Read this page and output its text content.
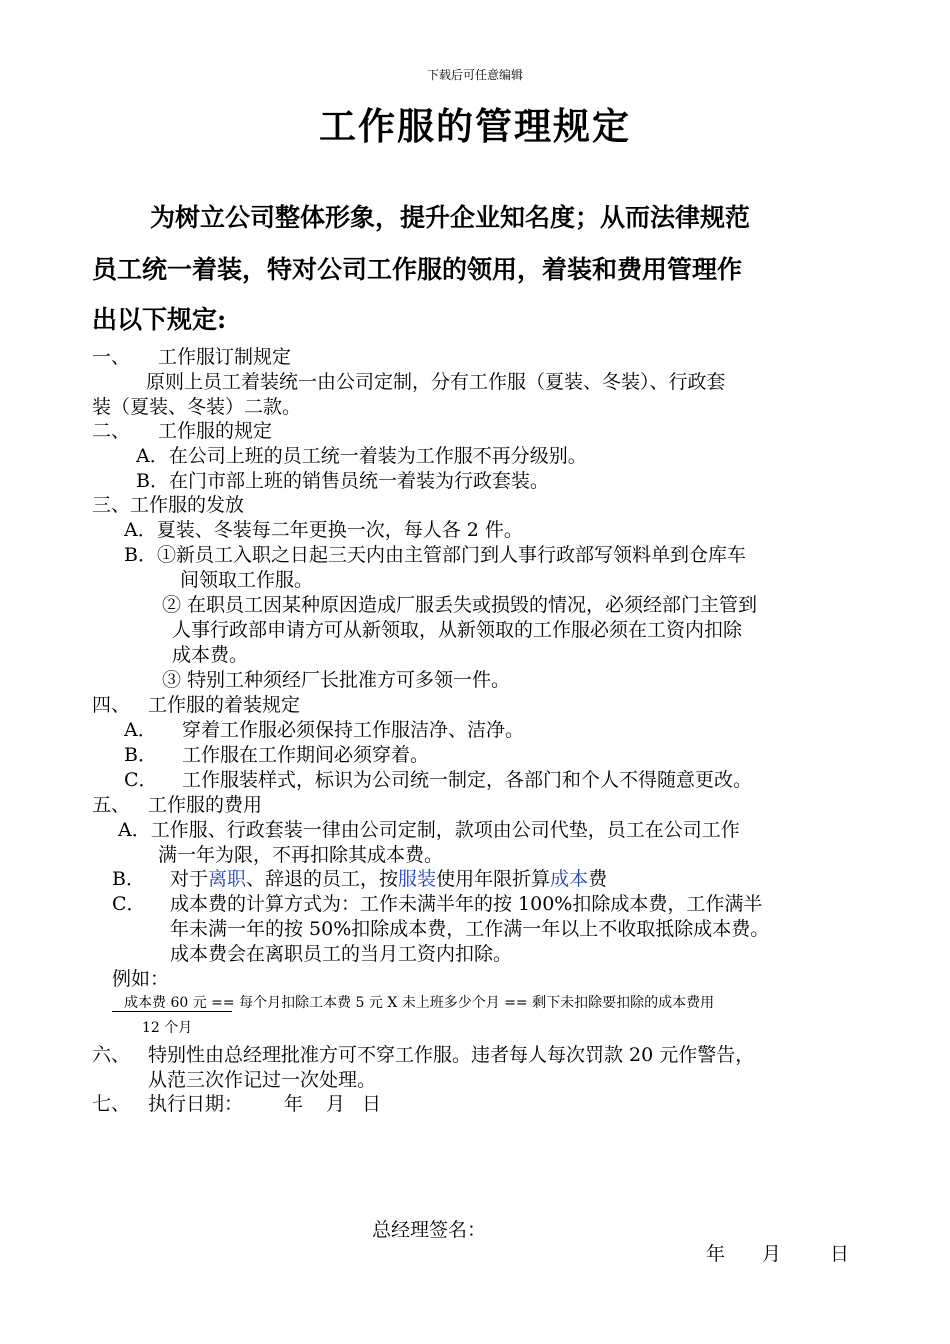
下载后可任意编辑
工作服的管理规定
为树立公司整体形象，提升企业知名度；从而法律规范
员工统一着装，特对公司工作服的领用，着装和费用管理作
出以下规定:
一、 工作服订制规定
原则上员工着装统一由公司定制，分有工作服（夏装、冬装）、行政套
装（夏装、冬装）二款。
二、 工作服的规定
A．在公司上班的员工统一着装为工作服不再分级别。
B．在门市部上班的销售员统一着装为行政套装。
三、工作服的发放
A．夏装、冬装每二年更换一次，每人各 2 件。
B．①新员工入职之日起三天内由主管部门到人事行政部写领料单到仓库车
间领取工作服。
② 在职员工因某种原因造成厂服丢失或损毁的情况，必须经部门主管到
人事行政部申请方可从新领取，从新领取的工作服必须在工资内扣除
成本费。
③ 特别工种须经厂长批准方可多领一件。
四、 工作服的着装规定
A． 穿着工作服必须保持工作服洁净、洁净。
B． 工作服在工作期间必须穿着。
C． 工作服装样式，标识为公司统一制定，各部门和个人不得随意更改。
五、 工作服的费用
A．工作服、行政套装一律由公司定制，款项由公司代垫，员工在公司工作
满一年为限，不再扣除其成本费。
B． 对于离职、辞退的员工，按服装使用年限折算成本费
C． 成本费的计算方式为：工作未满半年的按 100%扣除成本费，工作满半
年未满一年的按 50%扣除成本费，工作满一年以上不收取抵除成本费。
成本费会在离职员工的当月工资内扣除。
例如：
成本费 60 元 == 每个月扣除工本费 5 元 X 未上班多少个月 == 剩下未扣除要扣除的成本费用
12 个月
六、 特别性由总经理批准方可不穿工作服。违者每人每次罚款 20 元作警告，
从范三次作记过一次处理。
七、 执行日期： 年 月 日
总经理签名：
年 月	日
